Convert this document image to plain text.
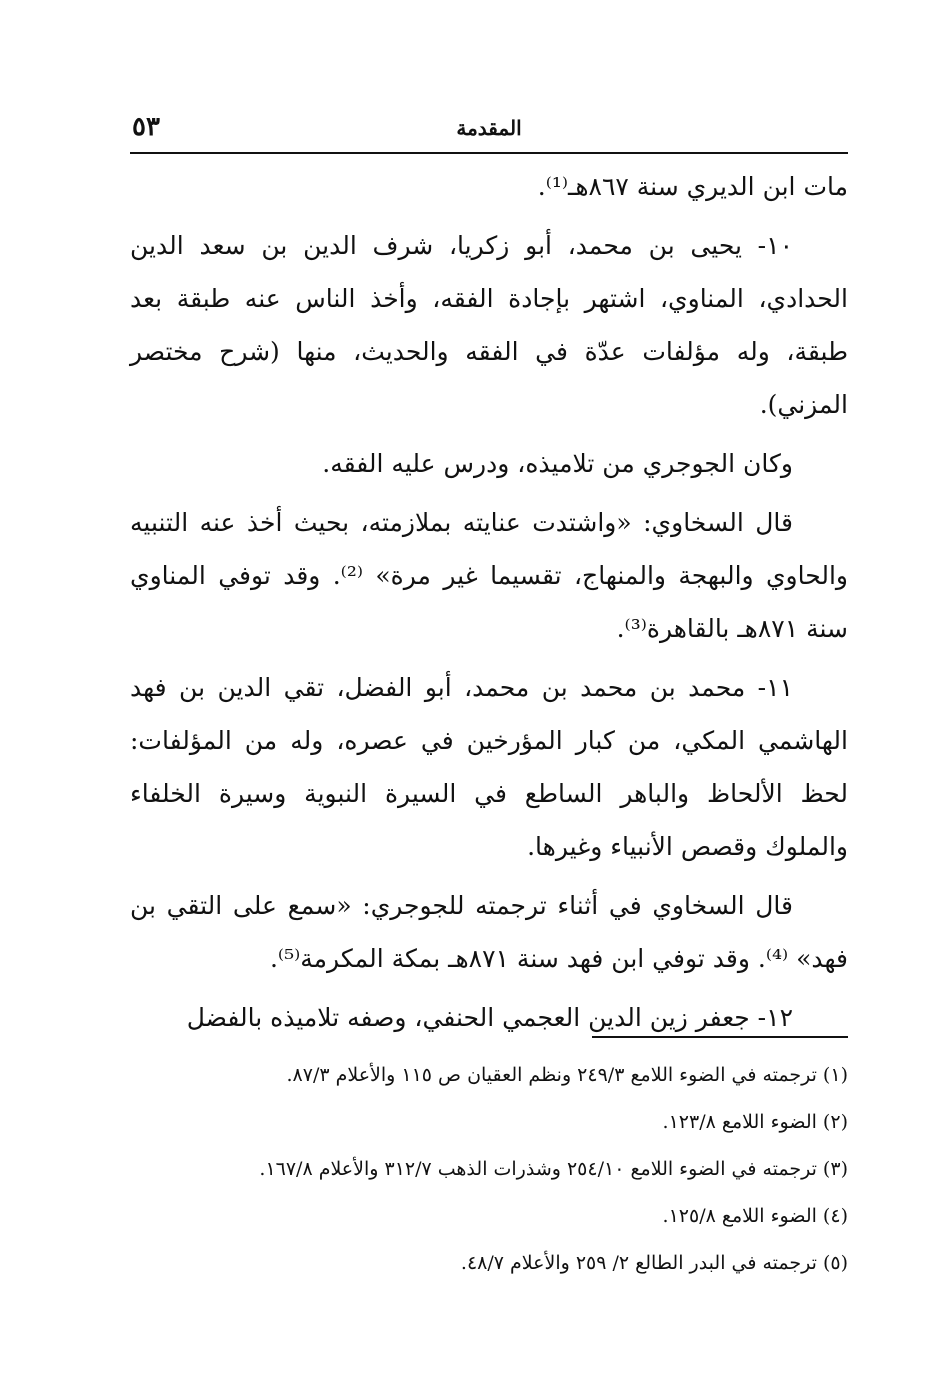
المقدمة
٥٣

مات ابن الديري سنة ٨٦٧هـ⁽¹⁾.

١٠- يحيى بن محمد، أبو زكريا، شرف الدين بن سعد الدين الحدادي، المناوي، اشتهر بإجادة الفقه، وأخذ الناس عنه طبقة بعد طبقة، وله مؤلفات عدّة في الفقه والحديث، منها (شرح مختصر المزني).

وكان الجوجري من تلاميذه، ودرس عليه الفقه.

قال السخاوي: «واشتدت عنايته بملازمته، بحيث أخذ عنه التنبيه والحاوي والبهجة والمنهاج، تقسيما غير مرة» ⁽²⁾. وقد توفي المناوي سنة ٨٧١هـ بالقاهرة⁽³⁾.

١١- محمد بن محمد بن محمد، أبو الفضل، تقي الدين بن فهد الهاشمي المكي، من كبار المؤرخين في عصره، وله من المؤلفات: لحظ الألحاظ والباهر الساطع في السيرة النبوية وسيرة الخلفاء والملوك وقصص الأنبياء وغيرها.

قال السخاوي في أثناء ترجمته للجوجري: «سمع على التقي بن فهد» ⁽⁴⁾. وقد توفي ابن فهد سنة ٨٧١هـ بمكة المكرمة⁽⁵⁾.

١٢- جعفر زين الدين العجمي الحنفي، وصفه تلاميذه بالفضل

(١) ترجمته في الضوء اللامع ٢٤٩/٣ ونظم العقيان ص ١١٥ والأعلام ٨٧/٣.
(٢) الضوء اللامع ١٢٣/٨.
(٣) ترجمته في الضوء اللامع ٢٥٤/١٠ وشذرات الذهب ٣١٢/٧ والأعلام ١٦٧/٨.
(٤) الضوء اللامع ١٢٥/٨.
(٥) ترجمته في البدر الطالع ٢/ ٢٥٩ والأعلام ٤٨/٧.
